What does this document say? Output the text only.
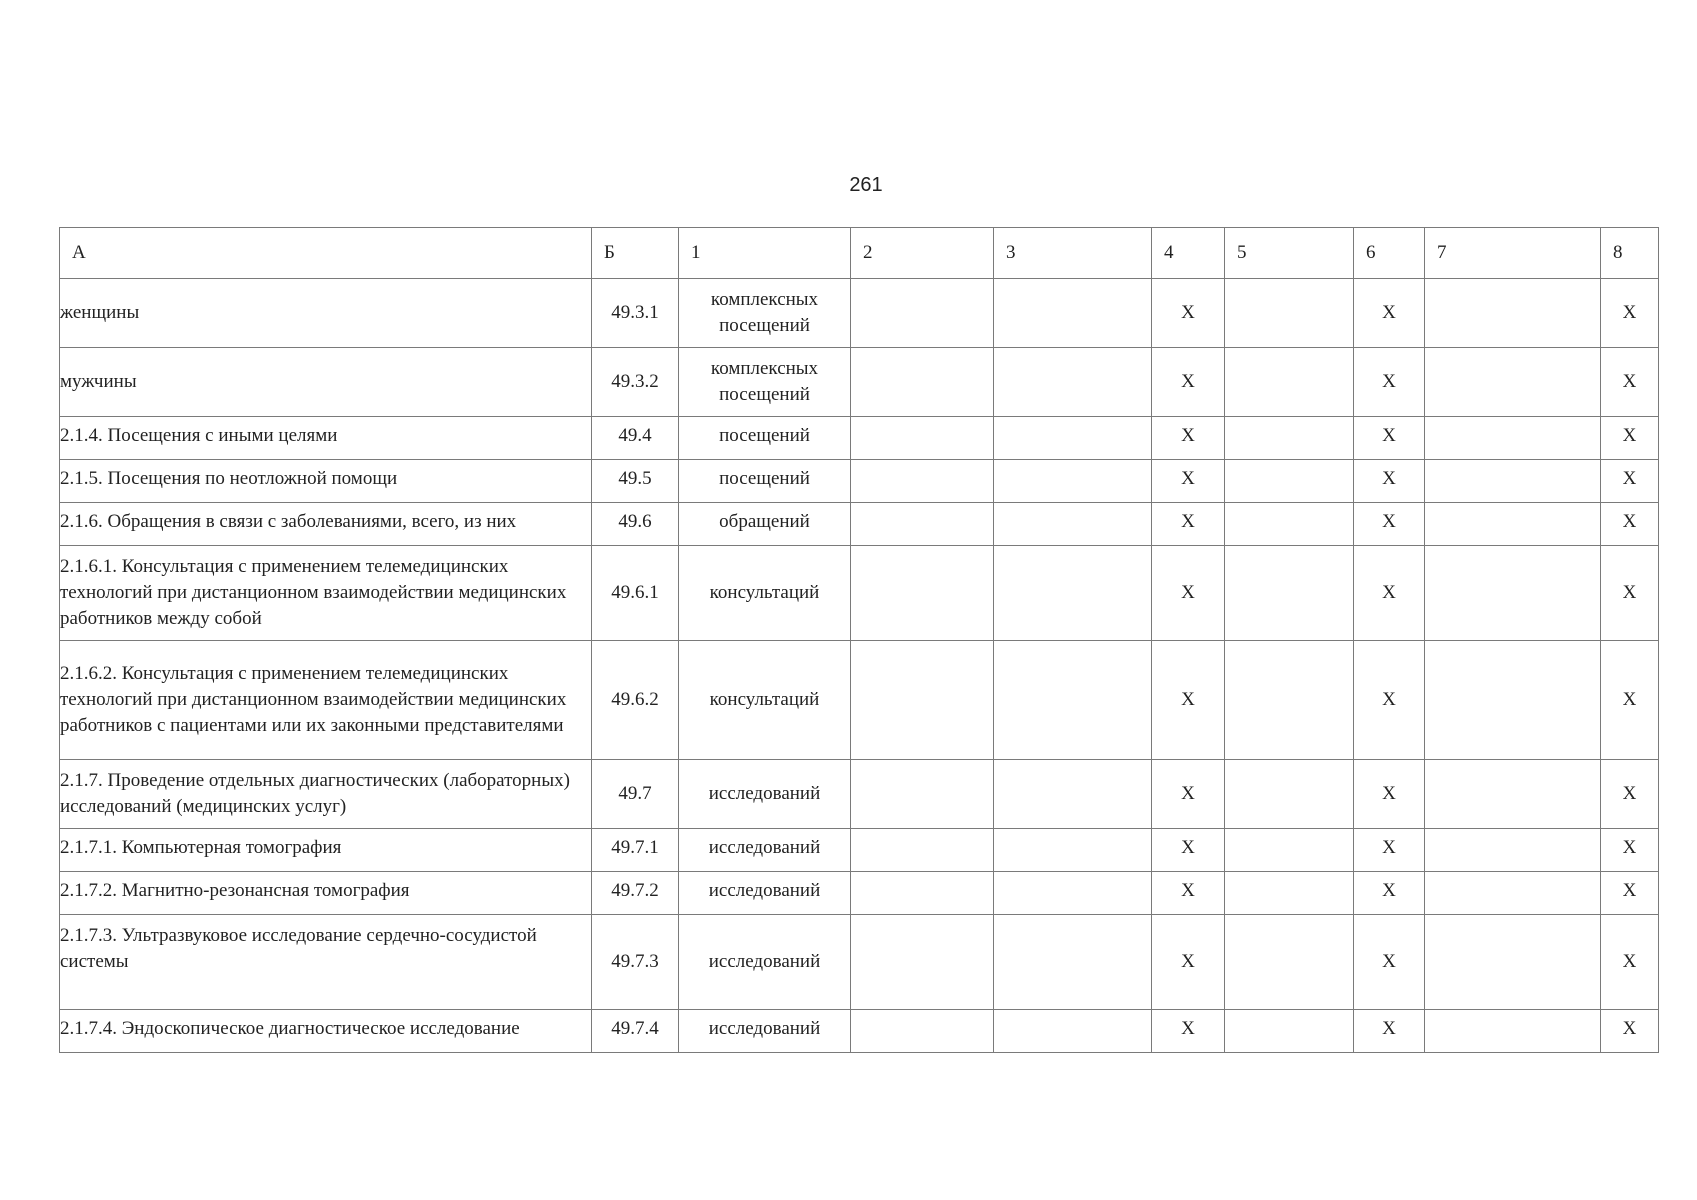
261
А	Б	1	2	3	4	5	6	7	8
женщины	49.3.1	комплексных посещений			X		X		X
мужчины	49.3.2	комплексных посещений			X		X		X
2.1.4. Посещения с иными целями	49.4	посещений			X		X		X
2.1.5. Посещения по неотложной помощи	49.5	посещений			X		X		X
2.1.6. Обращения в связи с заболеваниями, всего, из них	49.6	обращений			X		X		X
2.1.6.1. Консультация с применением телемедицинских технологий при дистанционном взаимодействии медицинских работников между собой	49.6.1	консультаций			X		X		X
2.1.6.2. Консультация с применением телемедицинских технологий при дистанционном взаимодействии медицинских работников с пациентами или их законными представителями	49.6.2	консультаций			X		X		X
2.1.7. Проведение отдельных диагностических (лабораторных) исследований (медицинских услуг)	49.7	исследований			X		X		X
2.1.7.1. Компьютерная томография	49.7.1	исследований			X		X		X
2.1.7.2. Магнитно-резонансная томография	49.7.2	исследований			X		X		X
2.1.7.3. Ультразвуковое исследование сердечно-сосудистой системы	49.7.3	исследований			X		X		X
2.1.7.4. Эндоскопическое диагностическое исследование	49.7.4	исследований			X		X		X
